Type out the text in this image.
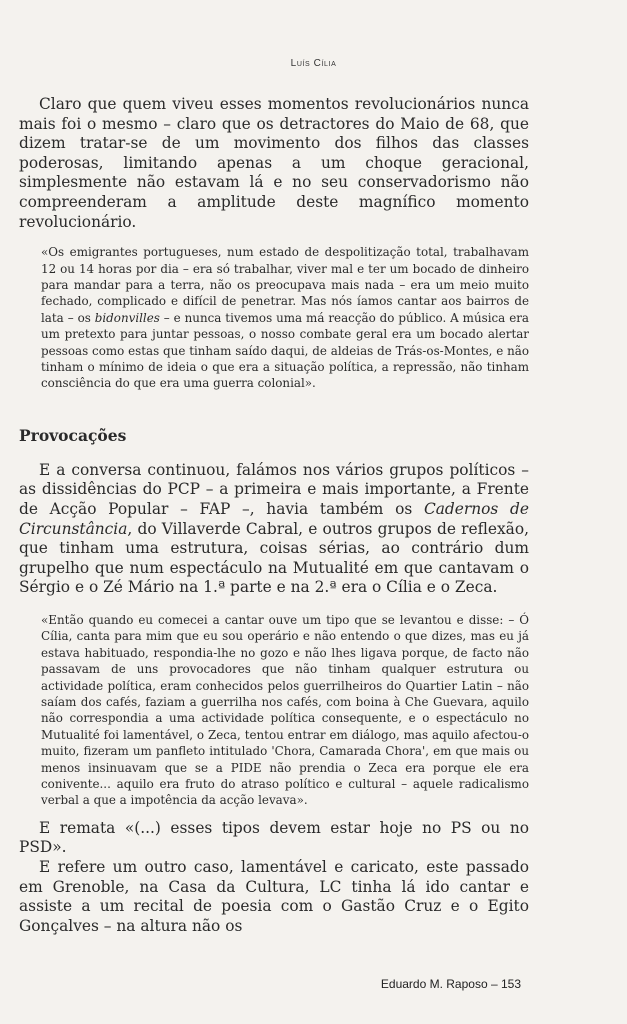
Luís Cília

Claro que quem viveu esses momentos revolucionários nunca mais foi o mesmo – claro que os detractores do Maio de 68, que dizem tratar-se de um movimento dos filhos das classes poderosas, limitando apenas a um choque geracional, simplesmente não estavam lá e no seu conservadorismo não compreenderam a amplitude deste magnífico momento revolucionário.

«Os emigrantes portugueses, num estado de despolitização total, trabalhavam 12 ou 14 horas por dia – era só trabalhar, viver mal e ter um bocado de dinheiro para mandar para a terra, não os preocupava mais nada – era um meio muito fechado, complicado e difícil de penetrar. Mas nós íamos cantar aos bairros de lata – os bidonvilles – e nunca tivemos uma má reacção do público. A música era um pretexto para juntar pessoas, o nosso combate geral era um bocado alertar pessoas como estas que tinham saído daqui, de aldeias de Trás-os-Montes, e não tinham o mínimo de ideia o que era a situação política, a repressão, não tinham consciência do que era uma guerra colonial».

Provocações

E a conversa continuou, falámos nos vários grupos políticos – as dissidências do PCP – a primeira e mais importante, a Frente de Acção Popular – FAP –, havia também os Cadernos de Circunstância, do Villaverde Cabral, e outros grupos de reflexão, que tinham uma estrutura, coisas sérias, ao contrário dum grupelho que num espectáculo na Mutualité em que cantavam o Sérgio e o Zé Mário na 1.ª parte e na 2.ª era o Cília e o Zeca.

«Então quando eu comecei a cantar ouve um tipo que se levantou e disse: – Ó Cília, canta para mim que eu sou operário e não entendo o que dizes, mas eu já estava habituado, respondia-lhe no gozo e não lhes ligava porque, de facto não passavam de uns provocadores que não tinham qualquer estrutura ou actividade política, eram conhecidos pelos guerrilheiros do Quartier Latin – não saíam dos cafés, faziam a guerrilha nos cafés, com boina à Che Guevara, aquilo não correspondia a uma actividade política consequente, e o espectáculo no Mutualité foi lamentável, o Zeca, tentou entrar em diálogo, mas aquilo afectou-o muito, fizeram um panfleto intitulado 'Chora, Camarada Chora', em que mais ou menos insinuavam que se a PIDE não prendia o Zeca era porque ele era conivente... aquilo era fruto do atraso político e cultural – aquele radicalismo verbal a que a impotência da acção levava».

E remata «(...) esses tipos devem estar hoje no PS ou no PSD».

E refere um outro caso, lamentável e caricato, este passado em Grenoble, na Casa da Cultura, LC tinha lá ido cantar e assiste a um recital de poesia com o Gastão Cruz e o Egito Gonçalves – na altura não os

Eduardo M. Raposo – 153
